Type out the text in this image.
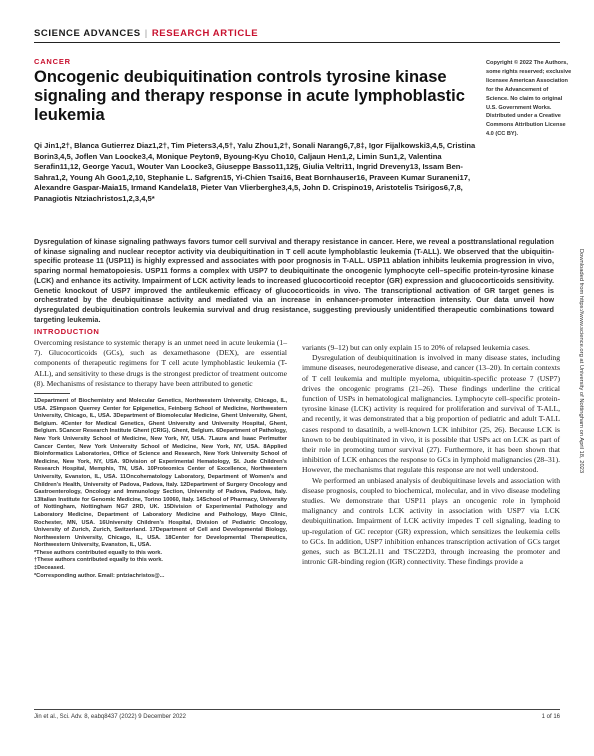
SCIENCE ADVANCES | RESEARCH ARTICLE
CANCER
Oncogenic deubiquitination controls tyrosine kinase signaling and therapy response in acute lymphoblastic leukemia
Qi Jin1,2†, Blanca Gutierrez Diaz1,2†, Tim Pieters3,4,5†, Yalu Zhou1,2†, Sonali Narang6,7,8‡, Igor Fijalkowski3,4,5, Cristina Borin3,4,5, Joflen Van Loocke3,4, Monique Peyton9, Byoung-Kyu Cho10, Caljaun Hen1,2, Limin Sun1,2, Valentina Serafin11,12, George Yacu1, Wouter Van Loocke3, Giuseppe Basso11,12§, Giulia Veltri11, Ingrid Dreveny13, Issam Ben-Sahra1,2, Young Ah Goo1,2,10, Stephanie L. Safgren15, Yi-Chien Tsai16, Beat Bornhauser16, Praveen Kumar Suraneni17, Alexandre Gaspar-Maia15, Irmand Kandela18, Pieter Van Vlierberghe3,4,5, John D. Crispino19, Aristotelis Tsirigos6,7,8, Panagiotis Ntziachristos1,2,3,4,5*
Copyright © 2022 The Authors, some rights reserved; exclusive licensee American Association for the Advancement of Science. No claim to original U.S. Government Works. Distributed under a Creative Commons Attribution License 4.0 (CC BY).
Dysregulation of kinase signaling pathways favors tumor cell survival and therapy resistance in cancer. Here, we reveal a posttranslational regulation of kinase signaling and nuclear receptor activity via deubiquitination in T cell acute lymphoblastic leukemia (T-ALL). We observed that the ubiquitin-specific protease 11 (USP11) is highly expressed and associates with poor prognosis in T-ALL. USP11 ablation inhibits leukemia progression in vivo, sparing normal hematopoiesis. USP11 forms a complex with USP7 to deubiquitinate the oncogenic lymphocyte cell–specific protein-tyrosine kinase (LCK) and enhance its activity. Impairment of LCK activity leads to increased glucocorticoid receptor (GR) expression and glucocorticoids sensitivity. Genetic knockout of USP7 improved the antileukemic efficacy of glucocorticoids in vivo. The transcriptional activation of GR target genes is orchestrated by the deubiquitinase activity and mediated via an increase in enhancer-promoter interaction intensity. Our data unveil how dysregulated deubiquitination controls leukemia survival and drug resistance, suggesting previously unidentified therapeutic combinations toward targeting leukemia.	Downloaded from https://www.science.org at University of Nottingham on April 18, 2023
INTRODUCTION

Overcoming resistance to systemic therapy is an unmet need in acute leukemia (1–7). Glucocorticoids (GCs), such as dexamethasone (DEX), are essential components of therapeutic regimens for T cell acute lymphoblastic leukemia (T-ALL), and sensitivity to these drugs is the strongest predictor of treatment outcome (8). Mechanisms of resistance to therapy have been attributed to genetic

1Department of Biochemistry and Molecular Genetics, Northwestern University, Chicago, IL, USA. 2Simpson Querrey Center for Epigenetics, Feinberg School of Medicine, Northwestern University, Chicago, IL, USA. 3Department of Biomolecular Medicine, Ghent University, Ghent, Belgium. 4Center for Medical Genetics, Ghent University and University Hospital, Ghent, Belgium. 5Cancer Research Institute Ghent (CRIG), Ghent, Belgium. 6Department of Pathology, New York University School of Medicine, New York, NY, USA. 7Laura and Isaac Perlmutter Cancer Center, New York University School of Medicine, New York, NY, USA. 8Applied Bioinformatics Laboratories, Office of Science and Research, New York University School of Medicine, New York, NY, USA. 9Division of Experimental Hematology, St. Jude Children's Research Hospital, Memphis, TN, USA. 10Proteomics Center of Excellence, Northwestern University, Evanston, IL, USA. 11Oncohematology Laboratory, Department of Women's and Children's Health, University of Padova, Padova, Italy. 12Department of Surgery Oncology and Gastroenterology, Oncology and Immunology Section, University of Padova, Padova, Italy. 13Italian Institute for Genomic Medicine, Torino 10060, Italy. 14School of Pharmacy, University of Nottingham, Nottingham NG7 2RD, UK. 15Division of Experimental Pathology and Laboratory Medicine, Department of Laboratory Medicine and Pathology, Mayo Clinic, Rochester, MN, USA. 16University Children's Hospital, Division of Pediatric Oncology, University of Zurich, Zurich, Switzerland. 17Department of Cell and Developmental Biology, Northwestern University, Chicago, IL, USA. 18Center for Developmental Therapeutics, Northwestern University, Evanston, IL, USA.
*These authors contributed equally to this work.
†These authors contributed equally to this work.
‡Deceased.
*Corresponding author. Email: pntziachristos@...

variants (9–12) but can only explain 15 to 20% of relapsed leukemia cases.

Dysregulation of deubiquitination is involved in many disease states, including immune diseases, neurodegenerative disease, and cancer (13–20). In certain contexts of T cell leukemia and multiple myeloma, ubiquitin-specific protease 7 (USP7) drives the oncogenic programs (21–26). These findings underline the critical function of USPs in hematological malignancies. Lymphocyte cell–specific protein-tyrosine kinase (LCK) activity is required for proliferation and survival of T-ALL, and recently, it was demonstrated that a big proportion of pediatric and adult T-ALL cases respond to dasatinib, a well-known LCK inhibitor (25, 26). Because LCK is known to be deubiquitinated in vivo, it is possible that USPs act on LCK as part of their role in promoting tumor survival (27). Furthermore, it has been shown that inhibition of LCK enhances the response to GCs in lymphoid malignancies (28–31). However, the mechanisms that regulate this response are not well understood.

We performed an unbiased analysis of deubiquitinase levels and association with disease prognosis, coupled to biochemical, molecular, and in vivo disease modeling studies. We demonstrate that USP11 plays an oncogenic role in lymphoid malignancy and controls LCK activity in association with USP7 via LCK deubiquitination. Impairment of LCK activity impedes T cell signaling, leading to up-regulation of GC receptor (GR) expression, which sensitizes the leukemia cells to GCs. In addition, USP7 inhibition enhances transcription activation of GCs target genes, such as BCL2L11 and TSC22D3, through increasing the promoter and intronic GR-binding region (IGR) connectivity. These findings provide a

Jin et al., Sci. Adv. 8, eabq8437 (2022) 9 December 2022	1 of 16
